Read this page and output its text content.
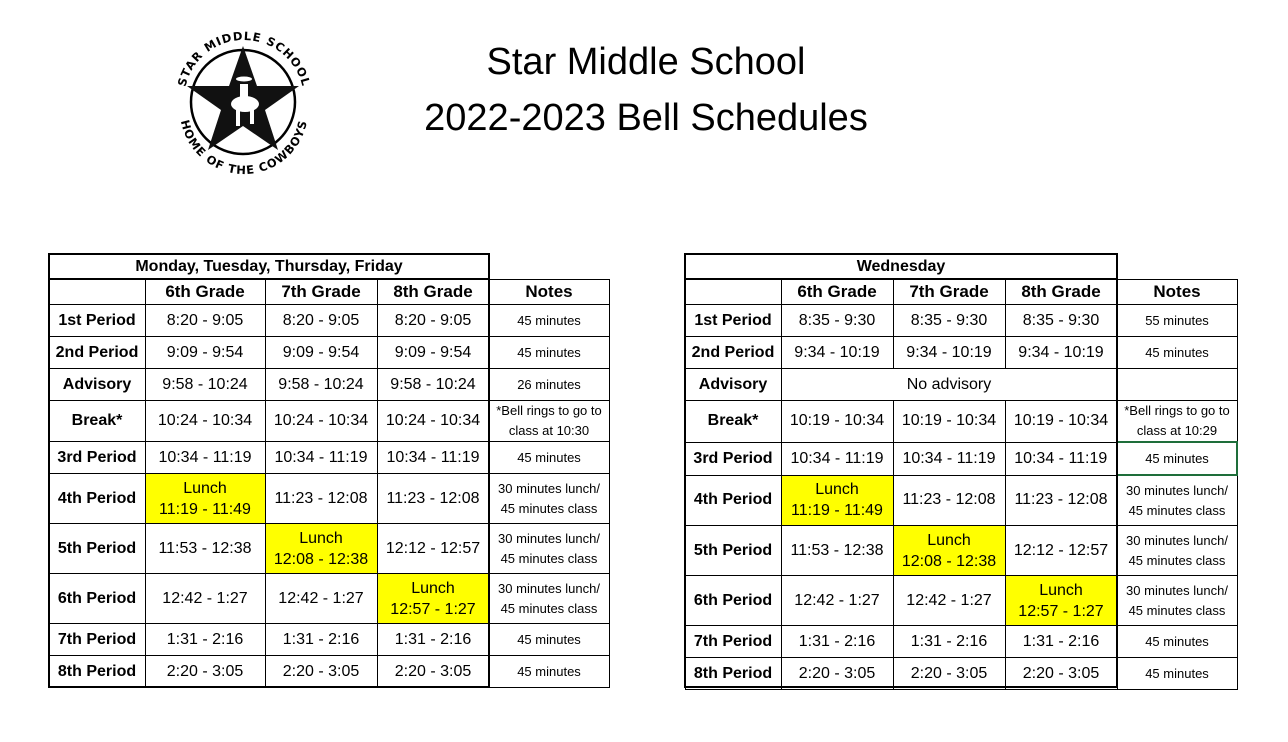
STAR MIDDLE SCHOOL
HOME OF THE COWBOYS
Star Middle School
2022-2023 Bell Schedules
Monday, Tuesday, Thursday, Friday				
	6th Grade	7th Grade	8th Grade	Notes
1st Period	8:20 - 9:05	8:20 - 9:05	8:20 - 9:05	45 minutes
2nd Period	9:09 - 9:54	9:09 - 9:54	9:09 - 9:54	45 minutes
Advisory	9:58 - 10:24	9:58 - 10:24	9:58 - 10:24	26 minutes
Break*	10:24 - 10:34	10:24 - 10:34	10:24 - 10:34	*Bell rings to go to class at 10:30
3rd Period	10:34 - 11:19	10:34 - 11:19	10:34 - 11:19	45 minutes
4th Period	Lunch
11:19 - 11:49	11:23 - 12:08	11:23 - 12:08	30 minutes lunch/
45 minutes class
5th Period	11:53 - 12:38	Lunch
12:08 - 12:38	12:12 - 12:57	30 minutes lunch/
45 minutes class
6th Period	12:42 - 1:27	12:42 - 1:27	Lunch
12:57 - 1:27	30 minutes lunch/
45 minutes class
7th Period	1:31 - 2:16	1:31 - 2:16	1:31 - 2:16	45 minutes
8th Period	2:20 - 3:05	2:20 - 3:05	2:20 - 3:05	45 minutes
Wednesday				
	6th Grade	7th Grade	8th Grade	Notes
1st Period	8:35 - 9:30	8:35 - 9:30	8:35 - 9:30	55 minutes
2nd Period	9:34 - 10:19	9:34 - 10:19	9:34 - 10:19	45 minutes
Advisory	No advisory			
Break*	10:19 - 10:34	10:19 - 10:34	10:19 - 10:34	*Bell rings to go to class at 10:29
3rd Period	10:34 - 11:19	10:34 - 11:19	10:34 - 11:19	45 minutes
4th Period	Lunch
11:19 - 11:49	11:23 - 12:08	11:23 - 12:08	30 minutes lunch/
45 minutes class
5th Period	11:53 - 12:38	Lunch
12:08 - 12:38	12:12 - 12:57	30 minutes lunch/
45 minutes class
6th Period	12:42 - 1:27	12:42 - 1:27	Lunch
12:57 - 1:27	30 minutes lunch/
45 minutes class
7th Period	1:31 - 2:16	1:31 - 2:16	1:31 - 2:16	45 minutes
8th Period	2:20 - 3:05	2:20 - 3:05	2:20 - 3:05	45 minutes
